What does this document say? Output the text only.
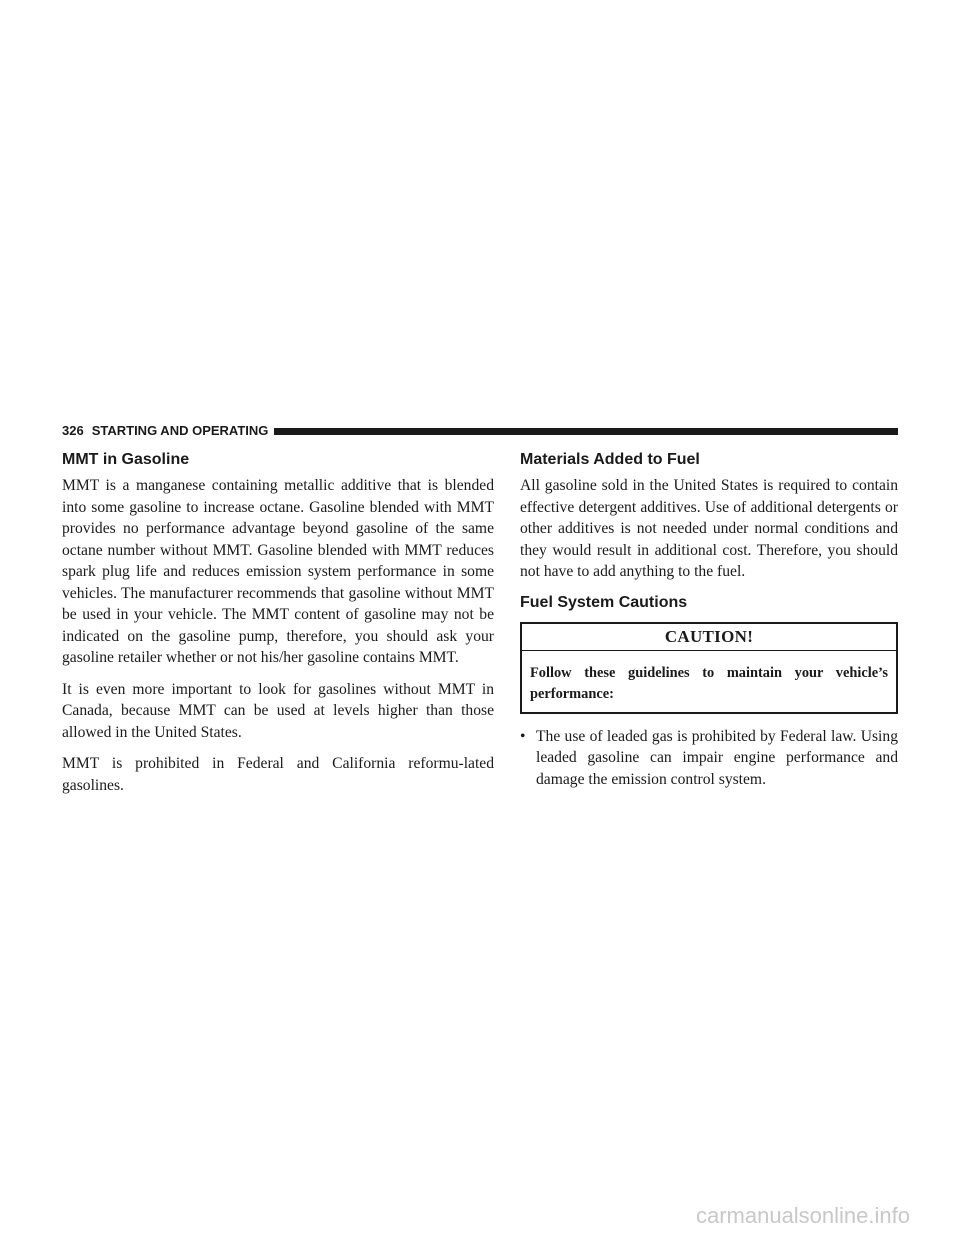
326 STARTING AND OPERATING
MMT in Gasoline

MMT is a manganese containing metallic additive that is blended into some gasoline to increase octane. Gasoline blended with MMT provides no performance advantage beyond gasoline of the same octane number without MMT. Gasoline blended with MMT reduces spark plug life and reduces emission system performance in some vehicles. The manufacturer recommends that gasoline without MMT be used in your vehicle. The MMT content of gasoline may not be indicated on the gasoline pump, therefore, you should ask your gasoline retailer whether or not his/her gasoline contains MMT.

It is even more important to look for gasolines without MMT in Canada, because MMT can be used at levels higher than those allowed in the United States.

MMT is prohibited in Federal and California reformu-lated gasolines.

Materials Added to Fuel

All gasoline sold in the United States is required to contain effective detergent additives. Use of additional detergents or other additives is not needed under normal conditions and they would result in additional cost. Therefore, you should not have to add anything to the fuel.

Fuel System Cautions
CAUTION!
Follow these guidelines to maintain your vehicle’s performance:
• The use of leaded gas is prohibited by Federal law. Using leaded gasoline can impair engine performance and damage the emission control system.

carmanualsonline.info
